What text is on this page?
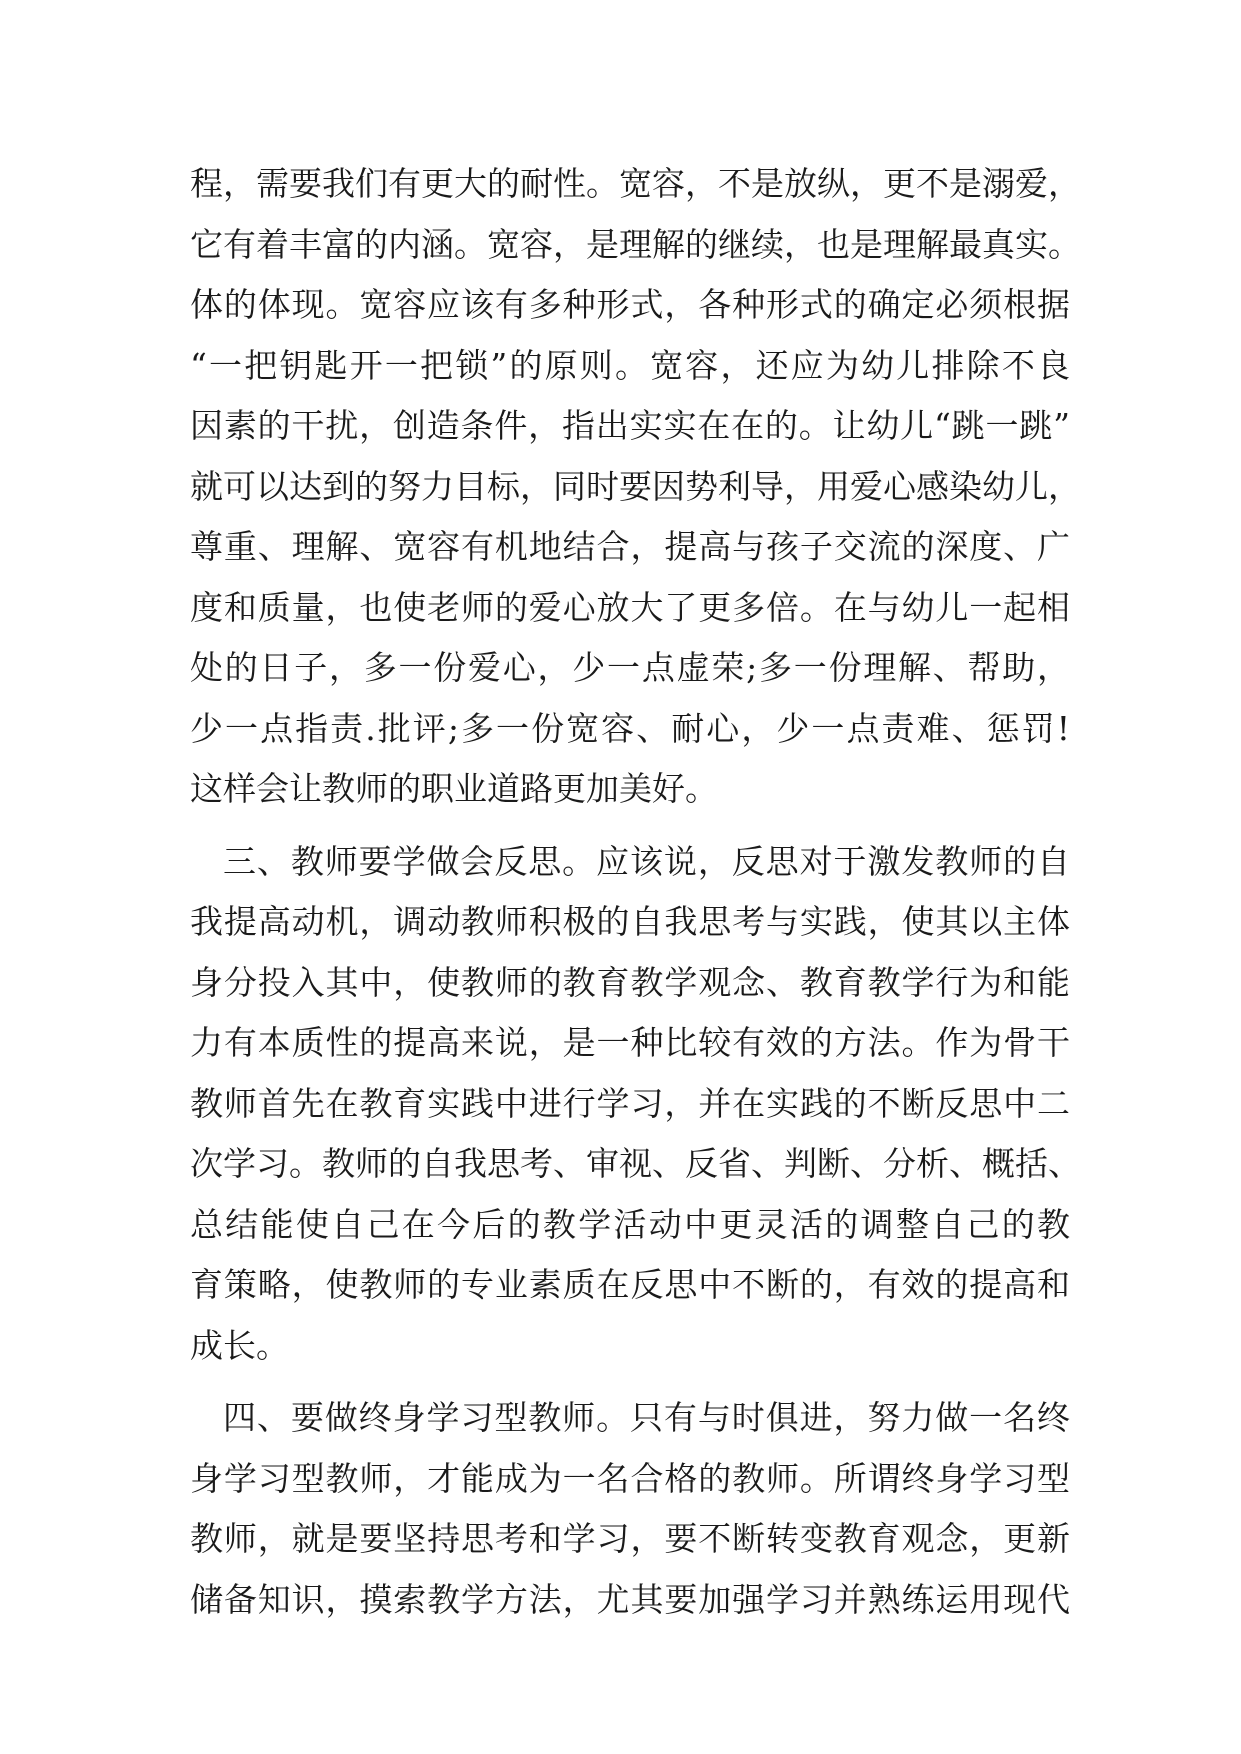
程，需要我们有更大的耐性。宽容，不是放纵，更不是溺爱，
它有着丰富的内涵。宽容，是理解的继续，也是理解最真实。
体的体现。宽容应该有多种形式，各种形式的确定必须根据
“一把钥匙开一把锁”的原则。宽容，还应为幼儿排除不良
因素的干扰，创造条件，指出实实在在的。让幼儿“跳一跳”
就可以达到的努力目标，同时要因势利导，用爱心感染幼儿，
尊重、理解、宽容有机地结合，提高与孩子交流的深度、广
度和质量，也使老师的爱心放大了更多倍。在与幼儿一起相
处的日子，多一份爱心，少一点虚荣;多一份理解、帮助，
少一点指责.批评;多一份宽容、耐心，少一点责难、惩罚!
这样会让教师的职业道路更加美好。
三、教师要学做会反思。应该说，反思对于激发教师的自
我提高动机，调动教师积极的自我思考与实践，使其以主体
身分投入其中，使教师的教育教学观念、教育教学行为和能
力有本质性的提高来说，是一种比较有效的方法。作为骨干
教师首先在教育实践中进行学习，并在实践的不断反思中二
次学习。教师的自我思考、审视、反省、判断、分析、概括、
总结能使自己在今后的教学活动中更灵活的调整自己的教
育策略，使教师的专业素质在反思中不断的，有效的提高和
成长。
四、要做终身学习型教师。只有与时俱进，努力做一名终
身学习型教师，才能成为一名合格的教师。所谓终身学习型
教师，就是要坚持思考和学习，要不断转变教育观念，更新
储备知识，摸索教学方法，尤其要加强学习并熟练运用现代
